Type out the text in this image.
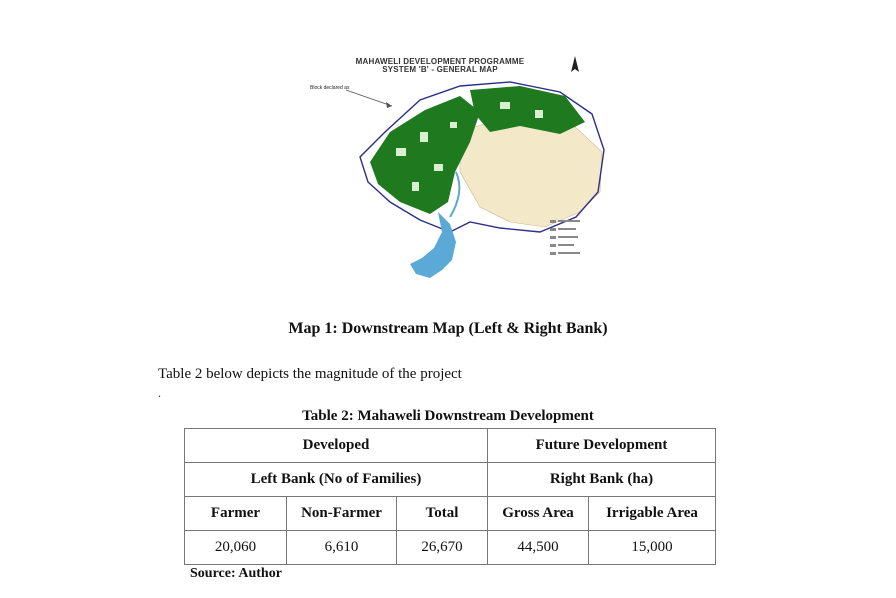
MAHAWELI DEVELOPMENT PROGRAMME
SYSTEM 'B' - GENERAL MAP
Block declared as
Map 1: Downstream Map (Left & Right Bank)
Table 2 below depicts the magnitude of the project
.
Table 2: Mahaweli Downstream Development
Developed			Future Development	
Left Bank (No of Families)			Right Bank (ha)	
Farmer	Non-Farmer	Total	Gross Area	Irrigable Area
20,060	6,610	26,670	44,500	15,000
Source: Author
